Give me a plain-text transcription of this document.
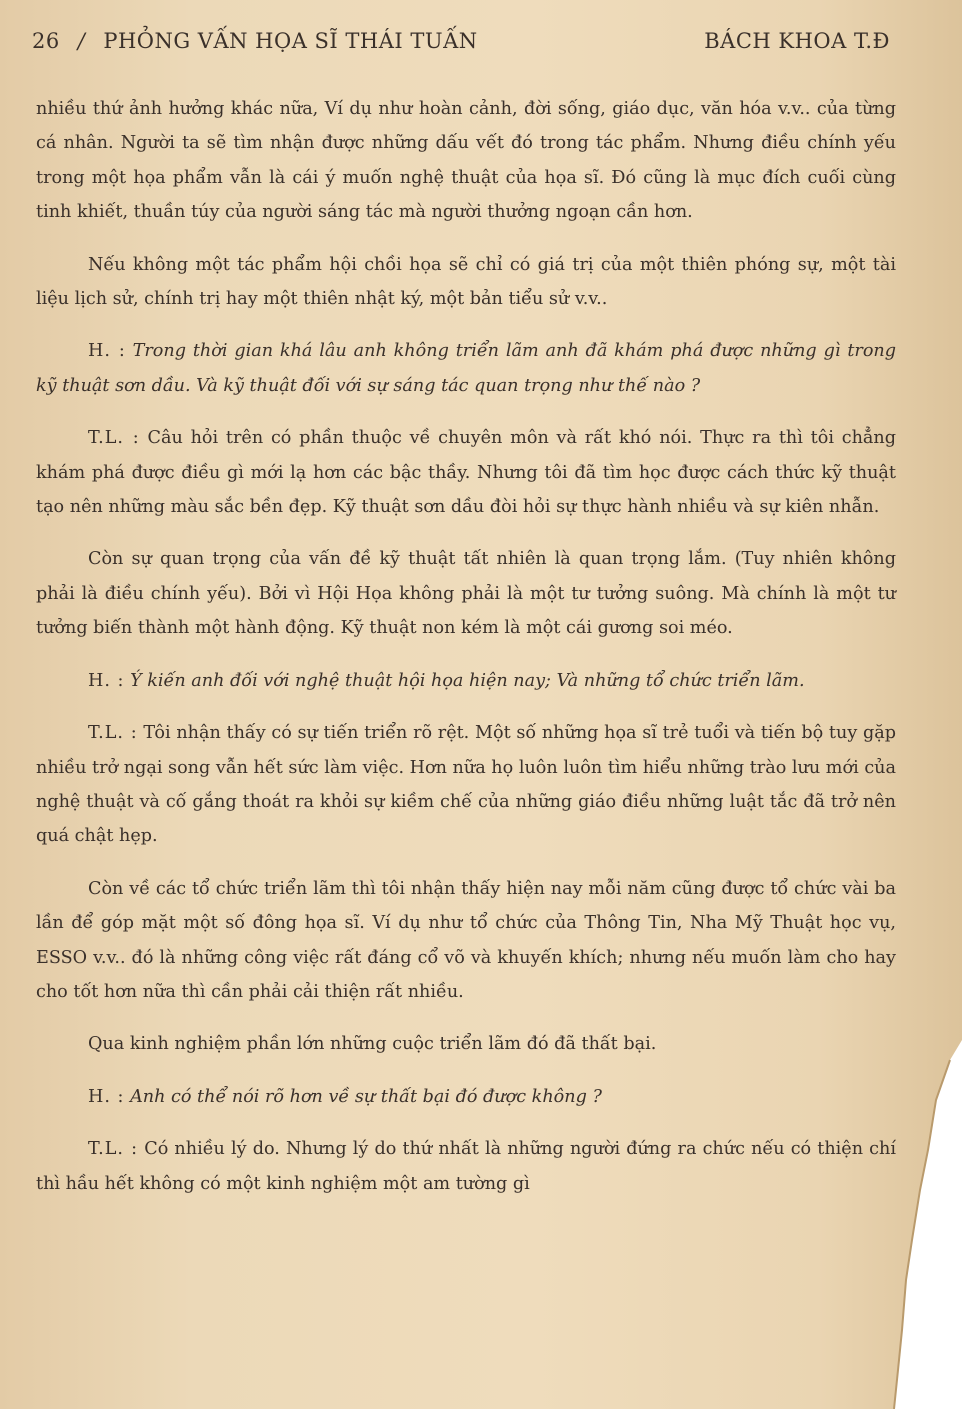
26 / PHỎNG VẤN HỌA SĨ THÁI TUẤN	BÁCH KHOA T.Đ

nhiều thứ ảnh hưởng khác nữa, Ví dụ như hoàn cảnh, đời sống, giáo dục, văn hóa v.v.. của từng cá nhân. Người ta sẽ tìm nhận được những dấu vết đó trong tác phẩm. Nhưng điều chính yếu trong một họa phẩm vẫn là cái ý muốn nghệ thuật của họa sĩ. Đó cũng là mục đích cuối cùng tinh khiết, thuần túy của người sáng tác mà người thưởng ngoạn cần hơn.

Nếu không một tác phẩm hội chồi họa sẽ chỉ có giá trị của một thiên phóng sự, một tài liệu lịch sử, chính trị hay một thiên nhật ký, một bản tiểu sử v.v..

H. : Trong thời gian khá lâu anh không triển lãm anh đã khám phá được những gì trong kỹ thuật sơn dầu. Và kỹ thuật đối với sự sáng tác quan trọng như thế nào ?

T.L. : Câu hỏi trên có phần thuộc về chuyên môn và rất khó nói. Thực ra thì tôi chẳng khám phá được điều gì mới lạ hơn các bậc thầy. Nhưng tôi đã tìm học được cách thức kỹ thuật tạo nên những màu sắc bền đẹp. Kỹ thuật sơn dầu đòi hỏi sự thực hành nhiều và sự kiên nhẫn.

Còn sự quan trọng của vấn đề kỹ thuật tất nhiên là quan trọng lắm. (Tuy nhiên không phải là điều chính yếu). Bởi vì Hội Họa không phải là một tư tưởng suông. Mà chính là một tư tưởng biến thành một hành động. Kỹ thuật non kém là một cái gương soi méo.

H. : Ý kiến anh đối với nghệ thuật hội họa hiện nay; Và những tổ chức triển lãm.

T.L. : Tôi nhận thấy có sự tiến triển rõ rệt. Một số những họa sĩ trẻ tuổi và tiến bộ tuy gặp nhiều trở ngại song vẫn hết sức làm việc. Hơn nữa họ luôn luôn tìm hiểu những trào lưu mới của nghệ thuật và cố gắng thoát ra khỏi sự kiềm chế của những giáo điều những luật tắc đã trở nên quá chật hẹp.

Còn về các tổ chức triển lãm thì tôi nhận thấy hiện nay mỗi năm cũng được tổ chức vài ba lần để góp mặt một số đông họa sĩ. Ví dụ như tổ chức của Thông Tin, Nha Mỹ Thuật học vụ, ESSO v.v.. đó là những công việc rất đáng cổ võ và khuyến khích; nhưng nếu muốn làm cho hay cho tốt hơn nữa thì cần phải cải thiện rất nhiều.

Qua kinh nghiệm phần lớn những cuộc triển lãm đó đã thất bại.

H. : Anh có thể nói rõ hơn về sự thất bại đó được không ?

T.L. : Có nhiều lý do. Nhưng lý do thứ nhất là những người đứng ra chức nếu có thiện chí thì hầu hết không có một kinh nghiệm một am tường gì
